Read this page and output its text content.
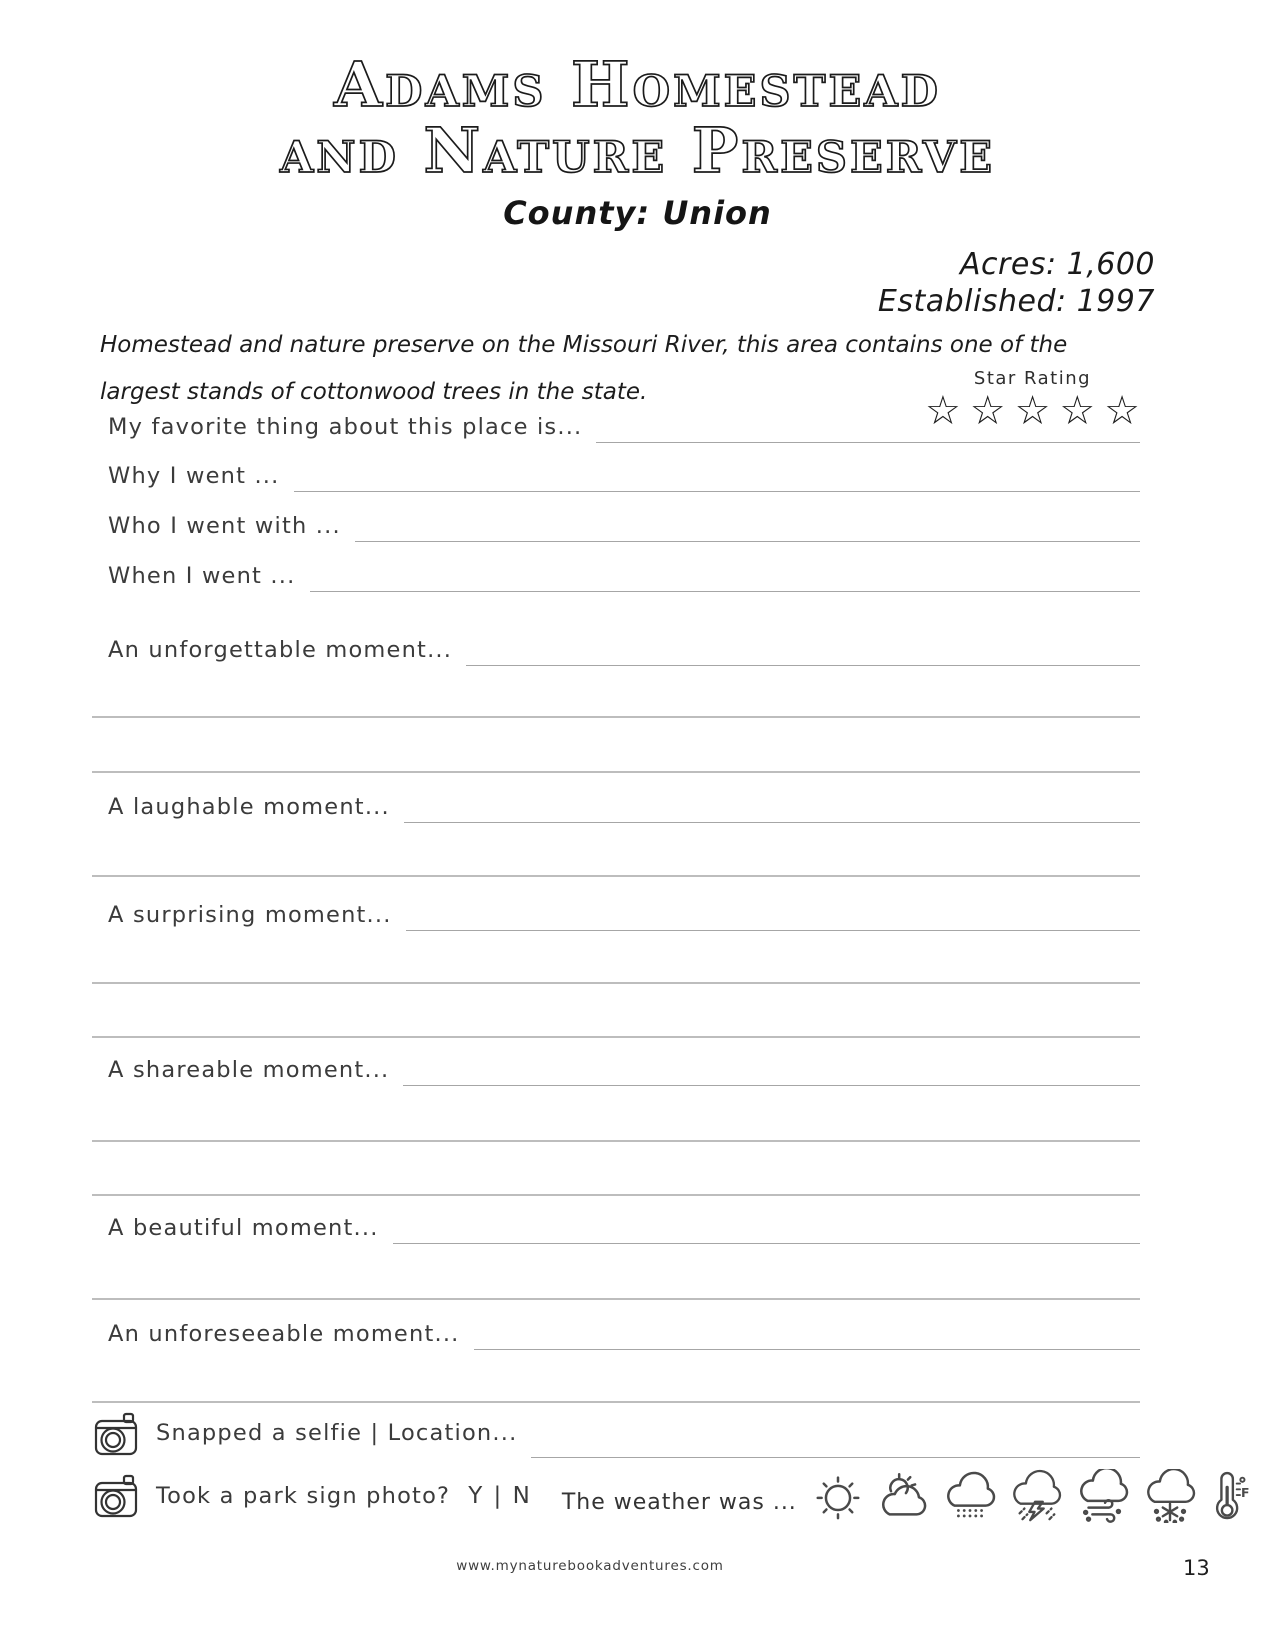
Adams Homestead
and Nature Preserve
County: Union
Acres: 1,600
Established: 1997
Homestead and nature preserve on the Missouri River, this area contains one of the largest stands of cottonwood trees in the state.
Star Rating
☆ ☆ ☆ ☆ ☆
My favorite thing about this place is...
Why I went ...
Who I went with ...
When I went ...
An unforgettable moment...
A laughable moment...
A surprising moment...
A shareable moment...
A beautiful moment...
An unforeseeable moment...
Snapped a selfie | Location...
Took a park sign photo? Y | N The weather was ...	F
www.mynaturebookadventures.com	13
